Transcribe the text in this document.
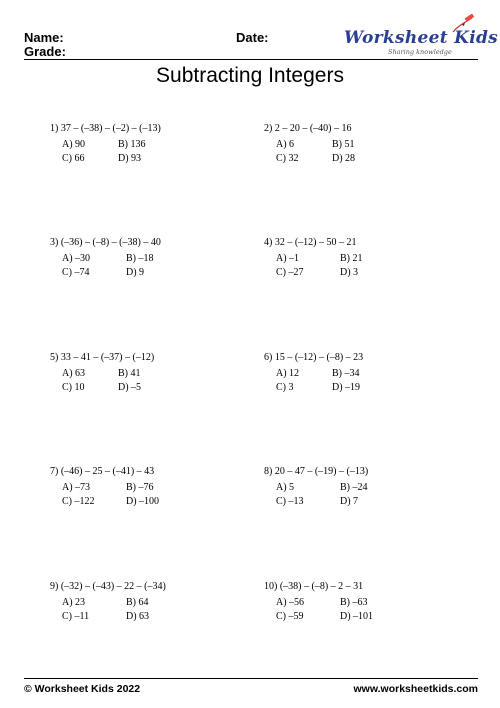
Name:
Grade:
Date:	Worksheet Kids
Sharing knowledge
Subtracting Integers
1) 37 – (–38) – (–2) – (–13)
A) 90	B) 136
C) 66	D) 93
2) 2 – 20 – (–40) – 16
A) 6	B) 51
C) 32	D) 28
3) (–36) – (–8) – (–38) – 40
A) –30	B) –18
C) –74	D) 9
4) 32 – (–12) – 50 – 21
A) –1	B) 21
C) –27	D) 3
5) 33 – 41 – (–37) – (–12)
A) 63	B) 41
C) 10	D) –5
6) 15 – (–12) – (–8) – 23
A) 12	B) –34
C) 3	D) –19
7) (–46) – 25 – (–41) – 43
A) –73	B) –76
C) –122	D) –100
8) 20 – 47 – (–19) – (–13)
A) 5	B) –24
C) –13	D) 7
9) (–32) – (–43) – 22 – (–34)
A) 23	B) 64
C) –11	D) 63
10) (–38) – (–8) – 2 – 31
A) –56	B) –63
C) –59	D) –101
© Worksheet Kids 2022	www.worksheetkids.com
